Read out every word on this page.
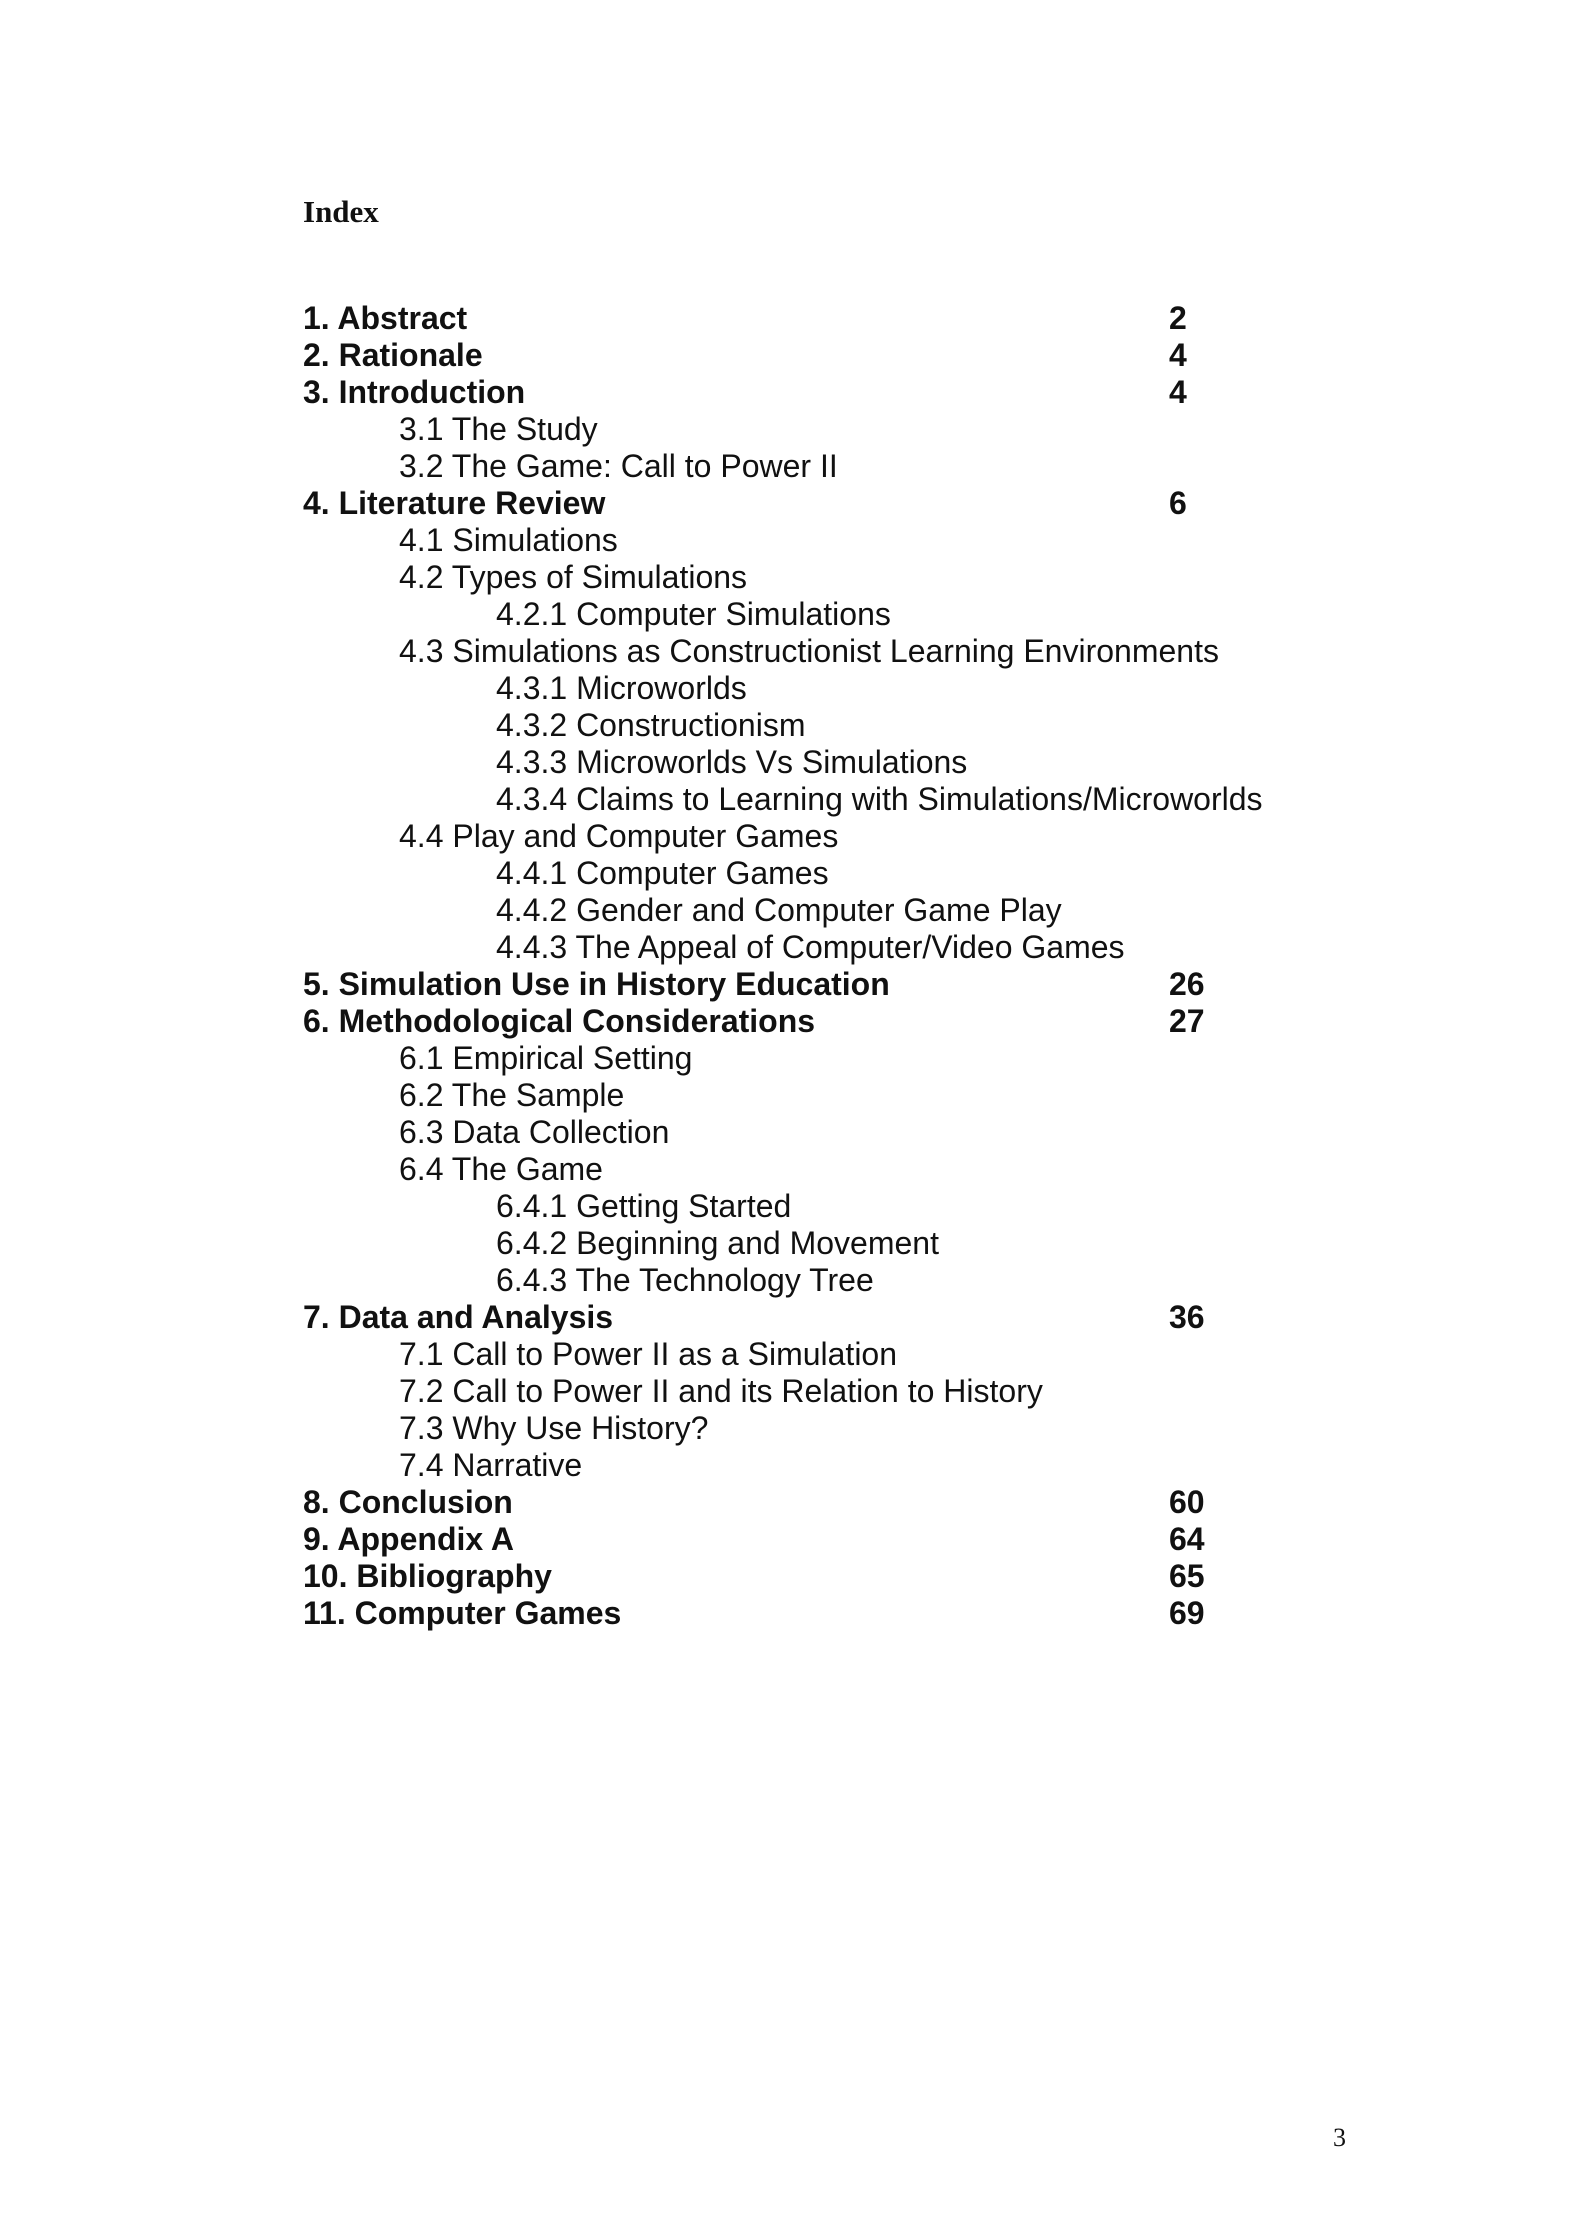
Index
1. Abstract	2
2. Rationale	4
3. Introduction	4
3.1 The Study
3.2 The Game: Call to Power II
4. Literature Review	6
4.1 Simulations
4.2 Types of Simulations
4.2.1 Computer Simulations
4.3 Simulations as Constructionist Learning Environments
4.3.1 Microworlds
4.3.2 Constructionism
4.3.3 Microworlds Vs Simulations
4.3.4 Claims to Learning with Simulations/Microworlds
4.4 Play and Computer Games
4.4.1 Computer Games
4.4.2 Gender and Computer Game Play
4.4.3 The Appeal of Computer/Video Games
5. Simulation Use in History Education	26
6. Methodological Considerations	27
6.1 Empirical Setting
6.2 The Sample
6.3 Data Collection
6.4 The Game
6.4.1 Getting Started
6.4.2 Beginning and Movement
6.4.3 The Technology Tree
7. Data and Analysis	36
7.1 Call to Power II as a Simulation
7.2 Call to Power II and its Relation to History
7.3 Why Use History?
7.4 Narrative
8. Conclusion	60
9. Appendix A	64
10. Bibliography	65
11. Computer Games	69
3
